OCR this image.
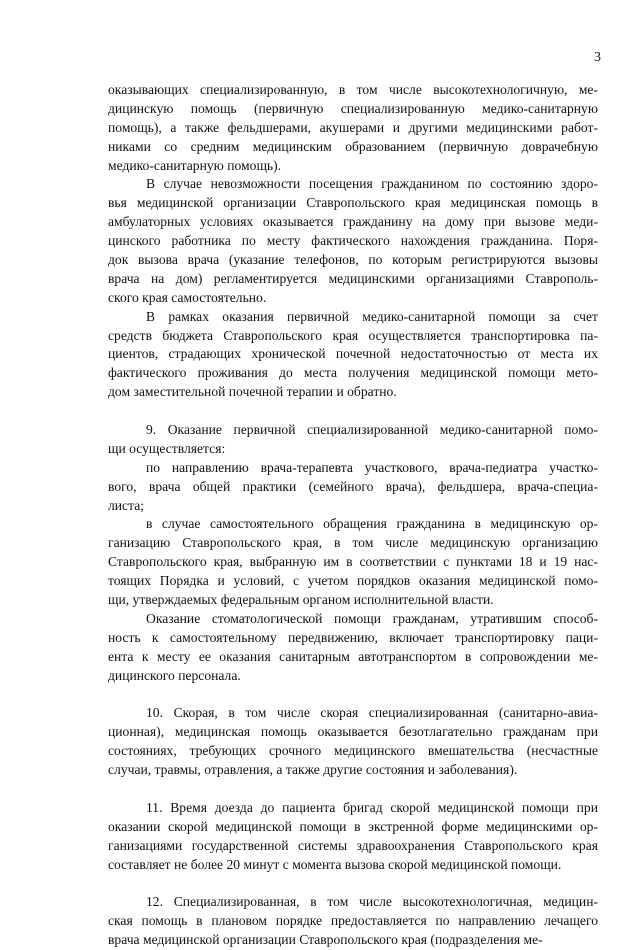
3
оказывающих специализированную, в том числе высокотехнологичную, ме-
дицинскую помощь (первичную специализированную медико-санитарную
помощь), а также фельдшерами, акушерами и другими медицинскими работ-
никами со средним медицинским образованием (первичную доврачебную
медико-санитарную помощь).
В случае невозможности посещения гражданином по состоянию здоро-
вья медицинской организации Ставропольского края медицинская помощь в
амбулаторных условиях оказывается гражданину на дому при вызове меди-
цинского работника по месту фактического нахождения гражданина. Поря-
док вызова врача (указание телефонов, по которым регистрируются вызовы
врача на дом) регламентируется медицинскими организациями Ставрополь-
ского края самостоятельно.
В рамках оказания первичной медико-санитарной помощи за счет
средств бюджета Ставропольского края осуществляется транспортировка па-
циентов, страдающих хронической почечной недостаточностью от места их
фактического проживания до места получения медицинской помощи мето-
дом заместительной почечной терапии и обратно.
9. Оказание первичной специализированной медико-санитарной помо-
щи осуществляется:
по направлению врача-терапевта участкового, врача-педиатра участко-
вого, врача общей практики (семейного врача), фельдшера, врача-специа-
листа;
в случае самостоятельного обращения гражданина в медицинскую ор-
ганизацию Ставропольского края, в том числе медицинскую организацию
Ставропольского края, выбранную им в соответствии с пунктами 18 и 19 нас-
тоящих Порядка и условий, с учетом порядков оказания медицинской помо-
щи, утверждаемых федеральным органом исполнительной власти.
Оказание стоматологической помощи гражданам, утратившим способ-
ность к самостоятельному передвижению, включает транспортировку паци-
ента к месту ее оказания санитарным автотранспортом в сопровождении ме-
дицинского персонала.
10. Скорая, в том числе скорая специализированная (санитарно-авиа-
ционная), медицинская помощь оказывается безотлагательно гражданам при
состояниях, требующих срочного медицинского вмешательства (несчастные
случаи, травмы, отравления, а также другие состояния и заболевания).
11. Время доезда до пациента бригад скорой медицинской помощи при
оказании скорой медицинской помощи в экстренной форме медицинскими ор-
ганизациями государственной системы здравоохранения Ставропольского края
составляет не более 20 минут с момента вызова скорой медицинской помощи.
12. Специализированная, в том числе высокотехнологичная, медицин-
ская помощь в плановом порядке предоставляется по направлению лечащего
врача медицинской организации Ставропольского края (подразделения ме-
